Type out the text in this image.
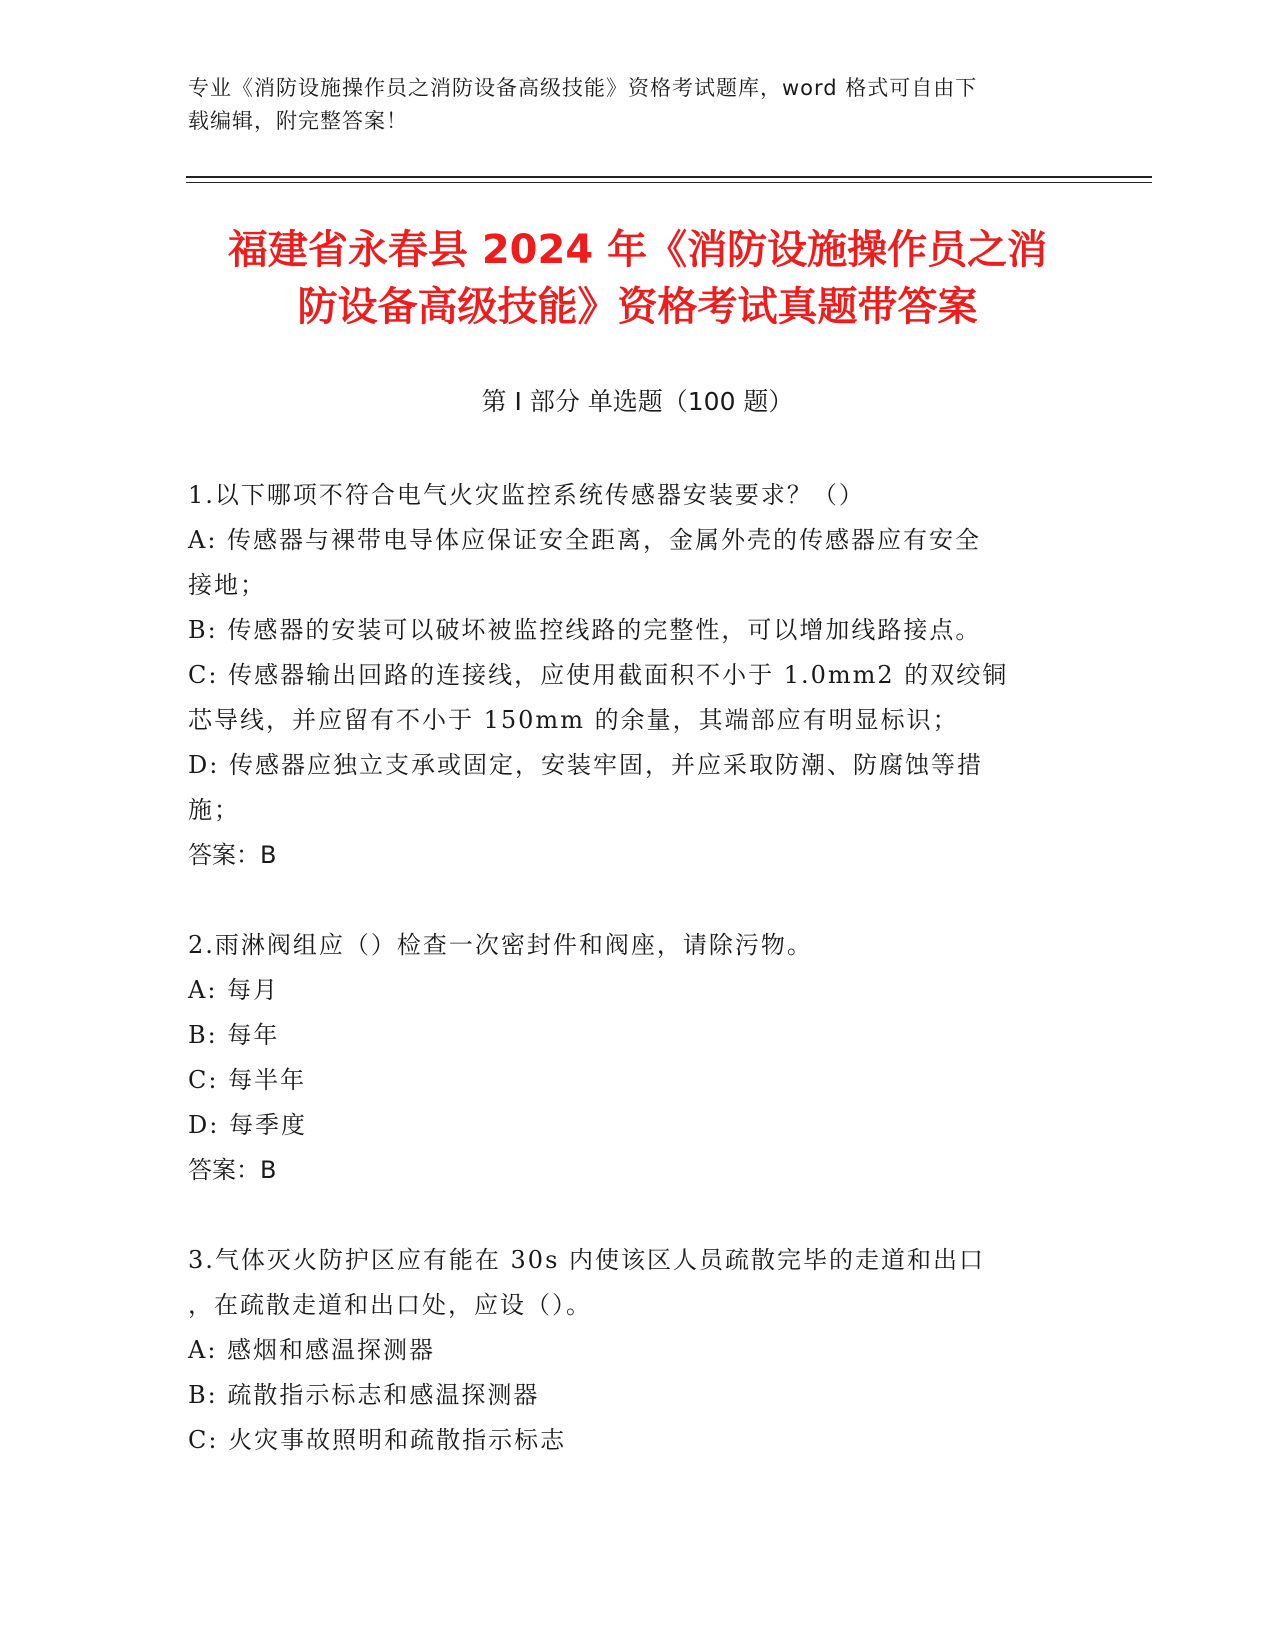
专业《消防设施操作员之消防设备高级技能》资格考试题库，word 格式可自由下
载编辑，附完整答案！
福建省永春县 2024 年《消防设施操作员之消
防设备高级技能》资格考试真题带答案
第 I 部分 单选题（100 题）
1.以下哪项不符合电气火灾监控系统传感器安装要求？（）
A: 传感器与裸带电导体应保证安全距离，金属外壳的传感器应有安全
接地；
B: 传感器的安装可以破坏被监控线路的完整性，可以增加线路接点。
C: 传感器输出回路的连接线，应使用截面积不小于 1.0mm2 的双绞铜
芯导线，并应留有不小于 150mm 的余量，其端部应有明显标识；
D: 传感器应独立支承或固定，安装牢固，并应采取防潮、防腐蚀等措
施；
答案：B
2.雨淋阀组应（）检查一次密封件和阀座，请除污物。
A: 每月
B: 每年
C: 每半年
D: 每季度
答案：B
3.气体灭火防护区应有能在 30s 内使该区人员疏散完毕的走道和出口
，在疏散走道和出口处，应设（）。
A: 感烟和感温探测器
B: 疏散指示标志和感温探测器
C: 火灾事故照明和疏散指示标志
